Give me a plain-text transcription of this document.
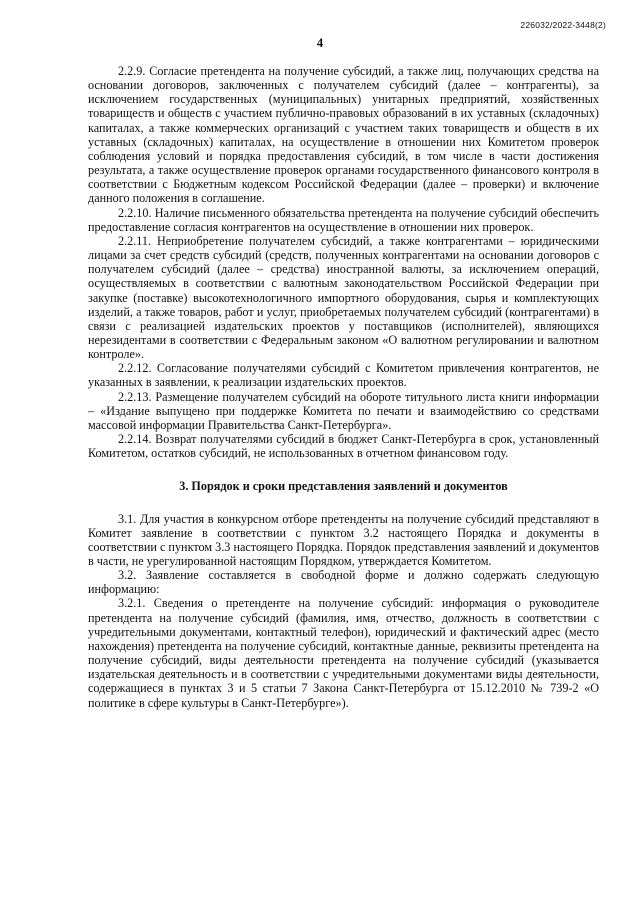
226032/2022-3448(2)
4

2.2.9. Согласие претендента на получение субсидий, а также лиц, получающих средства на основании договоров, заключенных с получателем субсидий (далее – контрагенты), за исключением государственных (муниципальных) унитарных предприятий, хозяйственных товариществ и обществ с участием публично-правовых образований в их уставных (складочных) капиталах, а также коммерческих организаций с участием таких товариществ и обществ в их уставных (складочных) капиталах, на осуществление в отношении них Комитетом проверок соблюдения условий и порядка предоставления субсидий, в том числе в части достижения результата, а также осуществление проверок органами государственного финансового контроля в соответствии с Бюджетным кодексом Российской Федерации (далее – проверки) и включение данного положения в соглашение.

2.2.10. Наличие письменного обязательства претендента на получение субсидий обеспечить предоставление согласия контрагентов на осуществление в отношении них проверок.

2.2.11. Неприобретение получателем субсидий, а также контрагентами – юридическими лицами за счет средств субсидий (средств, полученных контрагентами на основании договоров с получателем субсидий (далее – средства) иностранной валюты, за исключением операций, осуществляемых в соответствии с валютным законодательством Российской Федерации при закупке (поставке) высокотехнологичного импортного оборудования, сырья и комплектующих изделий, а также товаров, работ и услуг, приобретаемых получателем субсидий (контрагентами) в связи с реализацией издательских проектов у поставщиков (исполнителей), являющихся нерезидентами в соответствии с Федеральным законом «О валютном регулировании и валютном контроле».

2.2.12. Согласование получателями субсидий с Комитетом привлечения контрагентов, не указанных в заявлении, к реализации издательских проектов.

2.2.13. Размещение получателем субсидий на обороте титульного листа книги информации – «Издание выпущено при поддержке Комитета по печати и взаимодействию со средствами массовой информации Правительства Санкт-Петербурга».

2.2.14. Возврат получателями субсидий в бюджет Санкт-Петербурга в срок, установленный Комитетом, остатков субсидий, не использованных в отчетном финансовом году.

3. Порядок и сроки представления заявлений и документов

3.1. Для участия в конкурсном отборе претенденты на получение субсидий представляют в Комитет заявление в соответствии с пунктом 3.2 настоящего Порядка и документы в соответствии с пунктом 3.3 настоящего Порядка. Порядок представления заявлений и документов в части, не урегулированной настоящим Порядком, утверждается Комитетом.

3.2. Заявление составляется в свободной форме и должно содержать следующую информацию:

3.2.1. Сведения о претенденте на получение субсидий: информация о руководителе претендента на получение субсидий (фамилия, имя, отчество, должность в соответствии с учредительными документами, контактный телефон), юридический и фактический адрес (место нахождения) претендента на получение субсидий, контактные данные, реквизиты претендента на получение субсидий, виды деятельности претендента на получение субсидий (указывается издательская деятельность и в соответствии с учредительными документами виды деятельности, содержащиеся в пунктах 3 и 5 статьи 7 Закона Санкт-Петербурга от 15.12.2010 № 739-2 «О политике в сфере культуры в Санкт-Петербурге»).
